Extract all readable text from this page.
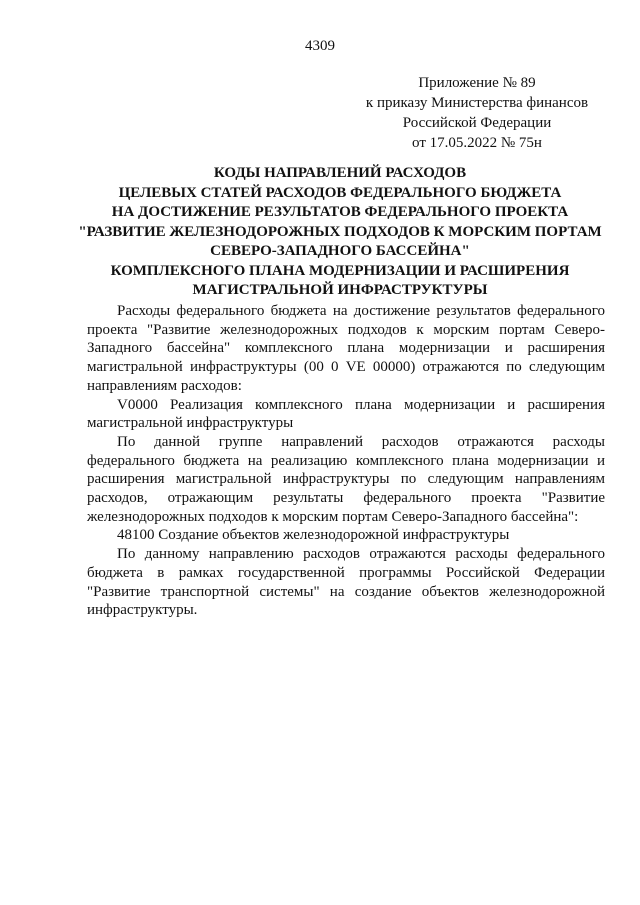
4309
Приложение № 89
к приказу Министерства финансов
Российской Федерации
от 17.05.2022 № 75н
КОДЫ НАПРАВЛЕНИЙ РАСХОДОВ
ЦЕЛЕВЫХ СТАТЕЙ РАСХОДОВ ФЕДЕРАЛЬНОГО БЮДЖЕТА
НА ДОСТИЖЕНИЕ РЕЗУЛЬТАТОВ ФЕДЕРАЛЬНОГО ПРОЕКТА
"РАЗВИТИЕ ЖЕЛЕЗНОДОРОЖНЫХ ПОДХОДОВ К МОРСКИМ ПОРТАМ
СЕВЕРО-ЗАПАДНОГО БАССЕЙНА"
КОМПЛЕКСНОГО ПЛАНА МОДЕРНИЗАЦИИ И РАСШИРЕНИЯ
МАГИСТРАЛЬНОЙ ИНФРАСТРУКТУРЫ

Расходы федерального бюджета на достижение результатов федерального проекта "Развитие железнодорожных подходов к морским портам Северо-Западного бассейна" комплексного плана модернизации и расширения магистральной инфраструктуры (00 0 VE 00000) отражаются по следующим направлениям расходов:

V0000 Реализация комплексного плана модернизации и расширения магистральной инфраструктуры

По данной группе направлений расходов отражаются расходы федерального бюджета на реализацию комплексного плана модернизации и расширения магистральной инфраструктуры по следующим направлениям расходов, отражающим результаты федерального проекта "Развитие железнодорожных подходов к морским портам Северо-Западного бассейна":

48100 Создание объектов железнодорожной инфраструктуры

По данному направлению расходов отражаются расходы федерального бюджета в рамках государственной программы Российской Федерации "Развитие транспортной системы" на создание объектов железнодорожной инфраструктуры.
